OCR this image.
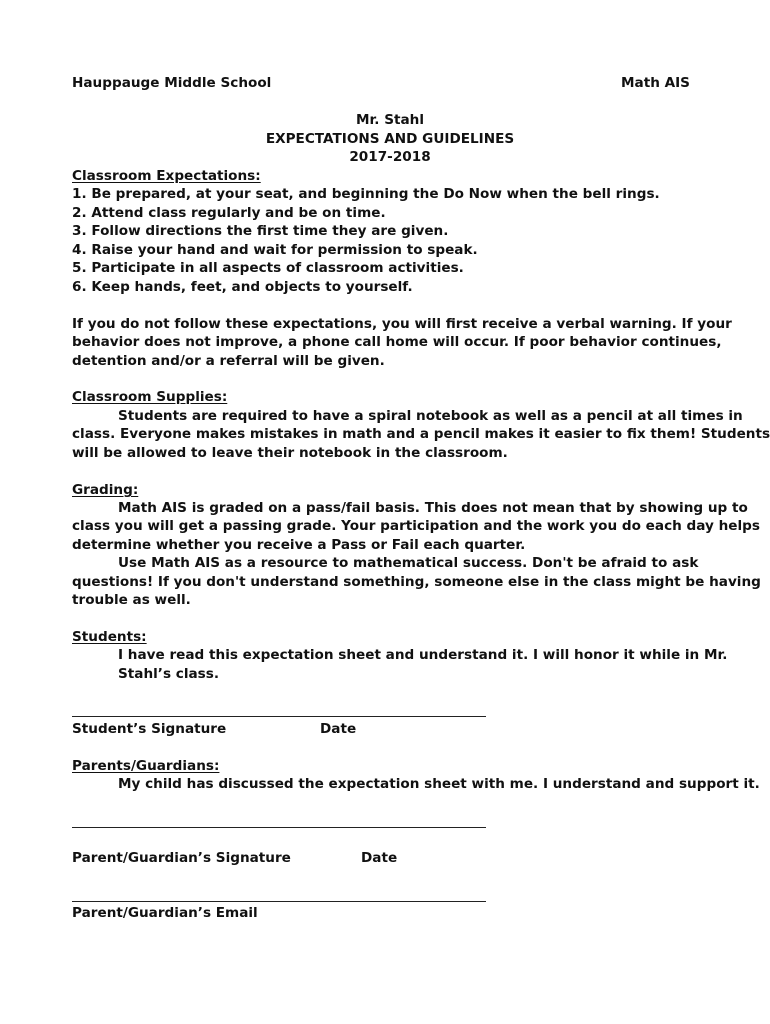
Hauppauge Middle School	Math AIS
Mr. Stahl
EXPECTATIONS AND GUIDELINES
2017-2018
Classroom Expectations:
1. Be prepared, at your seat, and beginning the Do Now when the bell rings.
2. Attend class regularly and be on time.
3. Follow directions the first time they are given.
4. Raise your hand and wait for permission to speak.
5. Participate in all aspects of classroom activities.
6. Keep hands, feet, and objects to yourself.
If you do not follow these expectations, you will first receive a verbal warning. If your
behavior does not improve, a phone call home will occur. If poor behavior continues,
detention and/or a referral will be given.
Classroom Supplies:
Students are required to have a spiral notebook as well as a pencil at all times in
class. Everyone makes mistakes in math and a pencil makes it easier to fix them! Students
will be allowed to leave their notebook in the classroom.
Grading:
Math AIS is graded on a pass/fail basis. This does not mean that by showing up to
class you will get a passing grade. Your participation and the work you do each day helps
determine whether you receive a Pass or Fail each quarter.
Use Math AIS as a resource to mathematical success. Don't be afraid to ask
questions! If you don't understand something, someone else in the class might be having
trouble as well.
Students:
I have read this expectation sheet and understand it. I will honor it while in Mr.
Stahl’s class.
Student’s Signature	Date
Parents/Guardians:
My child has discussed the expectation sheet with me. I understand and support it.
Parent/Guardian’s Signature	Date
Parent/Guardian’s Email
